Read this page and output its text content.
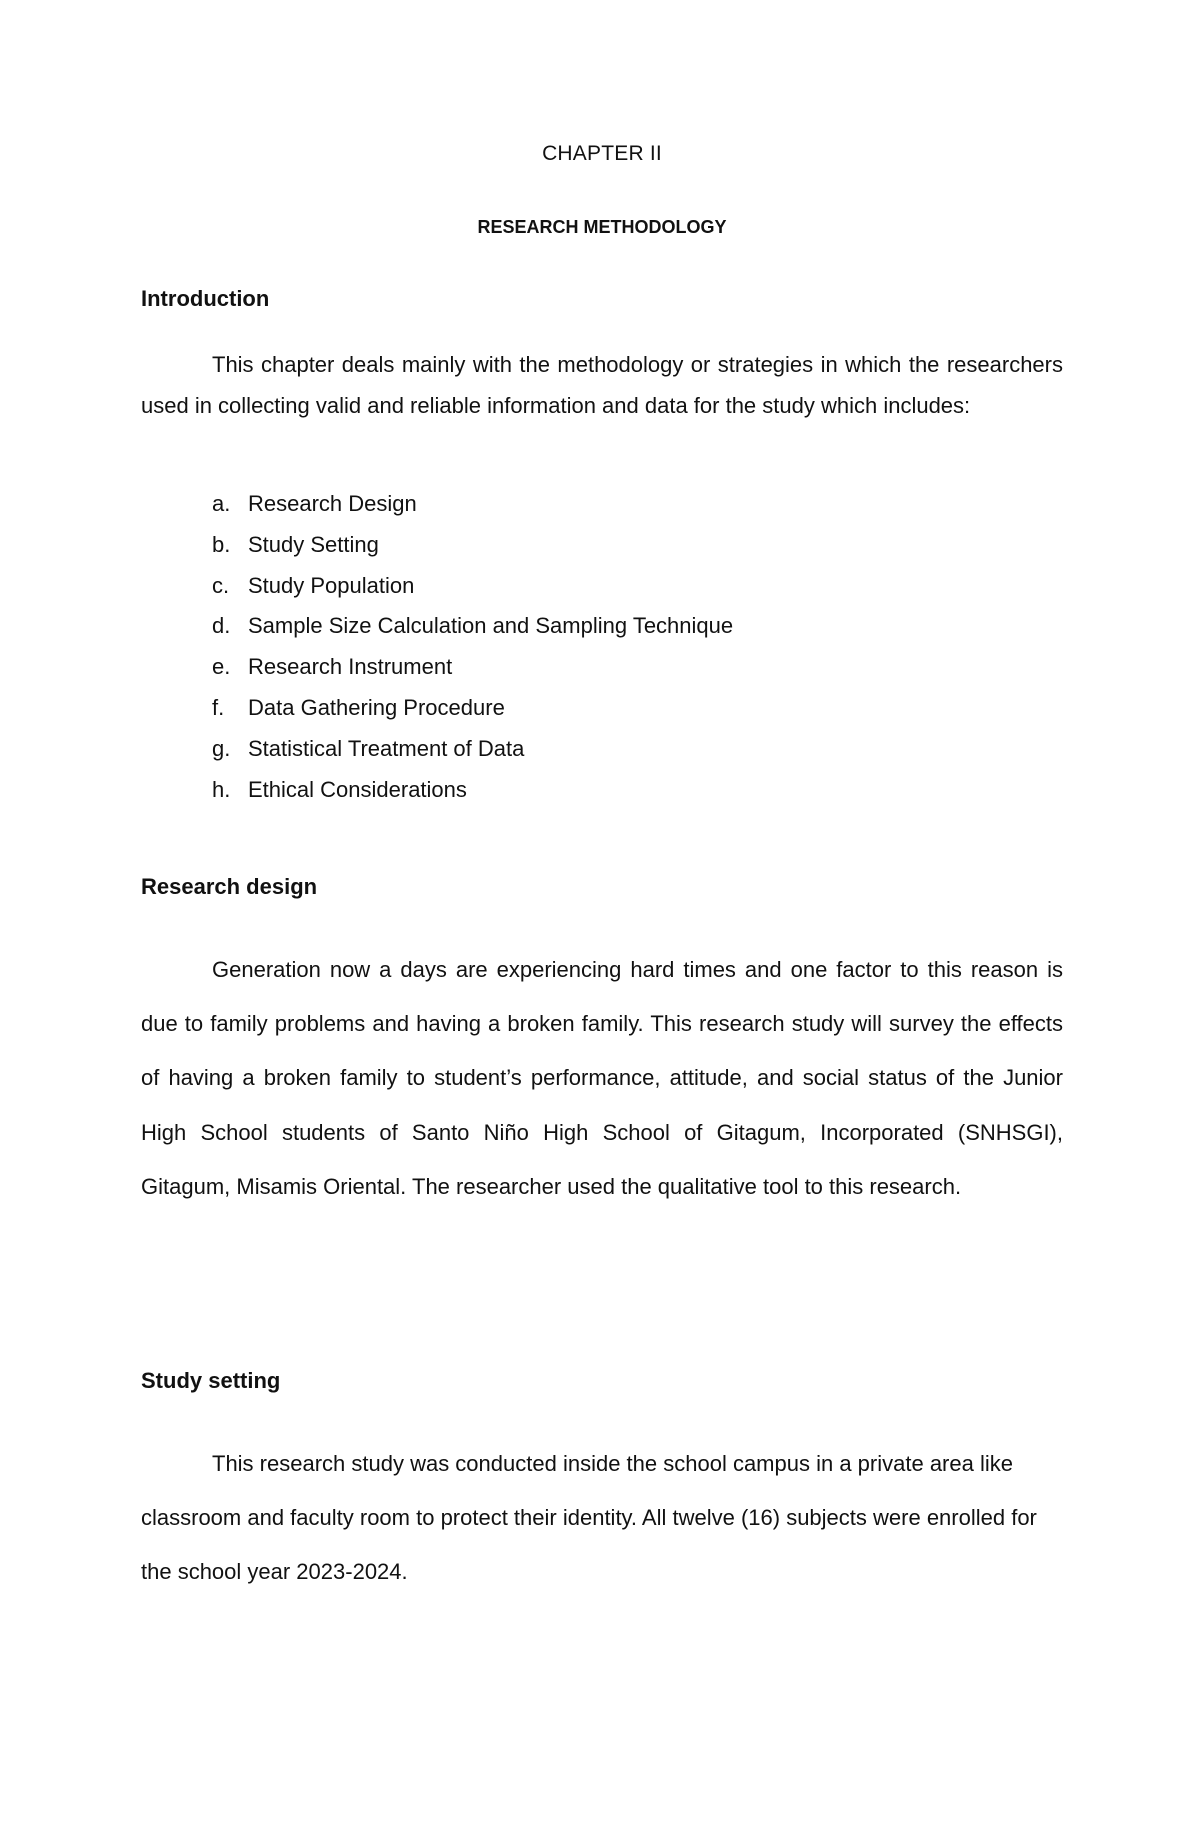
CHAPTER II
RESEARCH METHODOLOGY
Introduction

This chapter deals mainly with the methodology or strategies in which the researchers used in collecting valid and reliable information and data for the study which includes:

a. Research Design
b. Study Setting
c. Study Population
d. Sample Size Calculation and Sampling Technique
e. Research Instrument
f.	Data Gathering Procedure
g. Statistical Treatment of Data
h. Ethical Considerations
Research design

Generation now a days are experiencing hard times and one factor to this reason is due to family problems and having a broken family. This research study will survey the effects of having a broken family to student’s performance, attitude, and social status of the Junior High School students of Santo Niño High School of Gitagum, Incorporated (SNHSGI), Gitagum, Misamis Oriental. The researcher used the qualitative tool to this research.

Study setting

This research study was conducted inside the school campus in a private area like classroom and faculty room to protect their identity. All twelve (16) subjects were enrolled for the school year 2023-2024.
